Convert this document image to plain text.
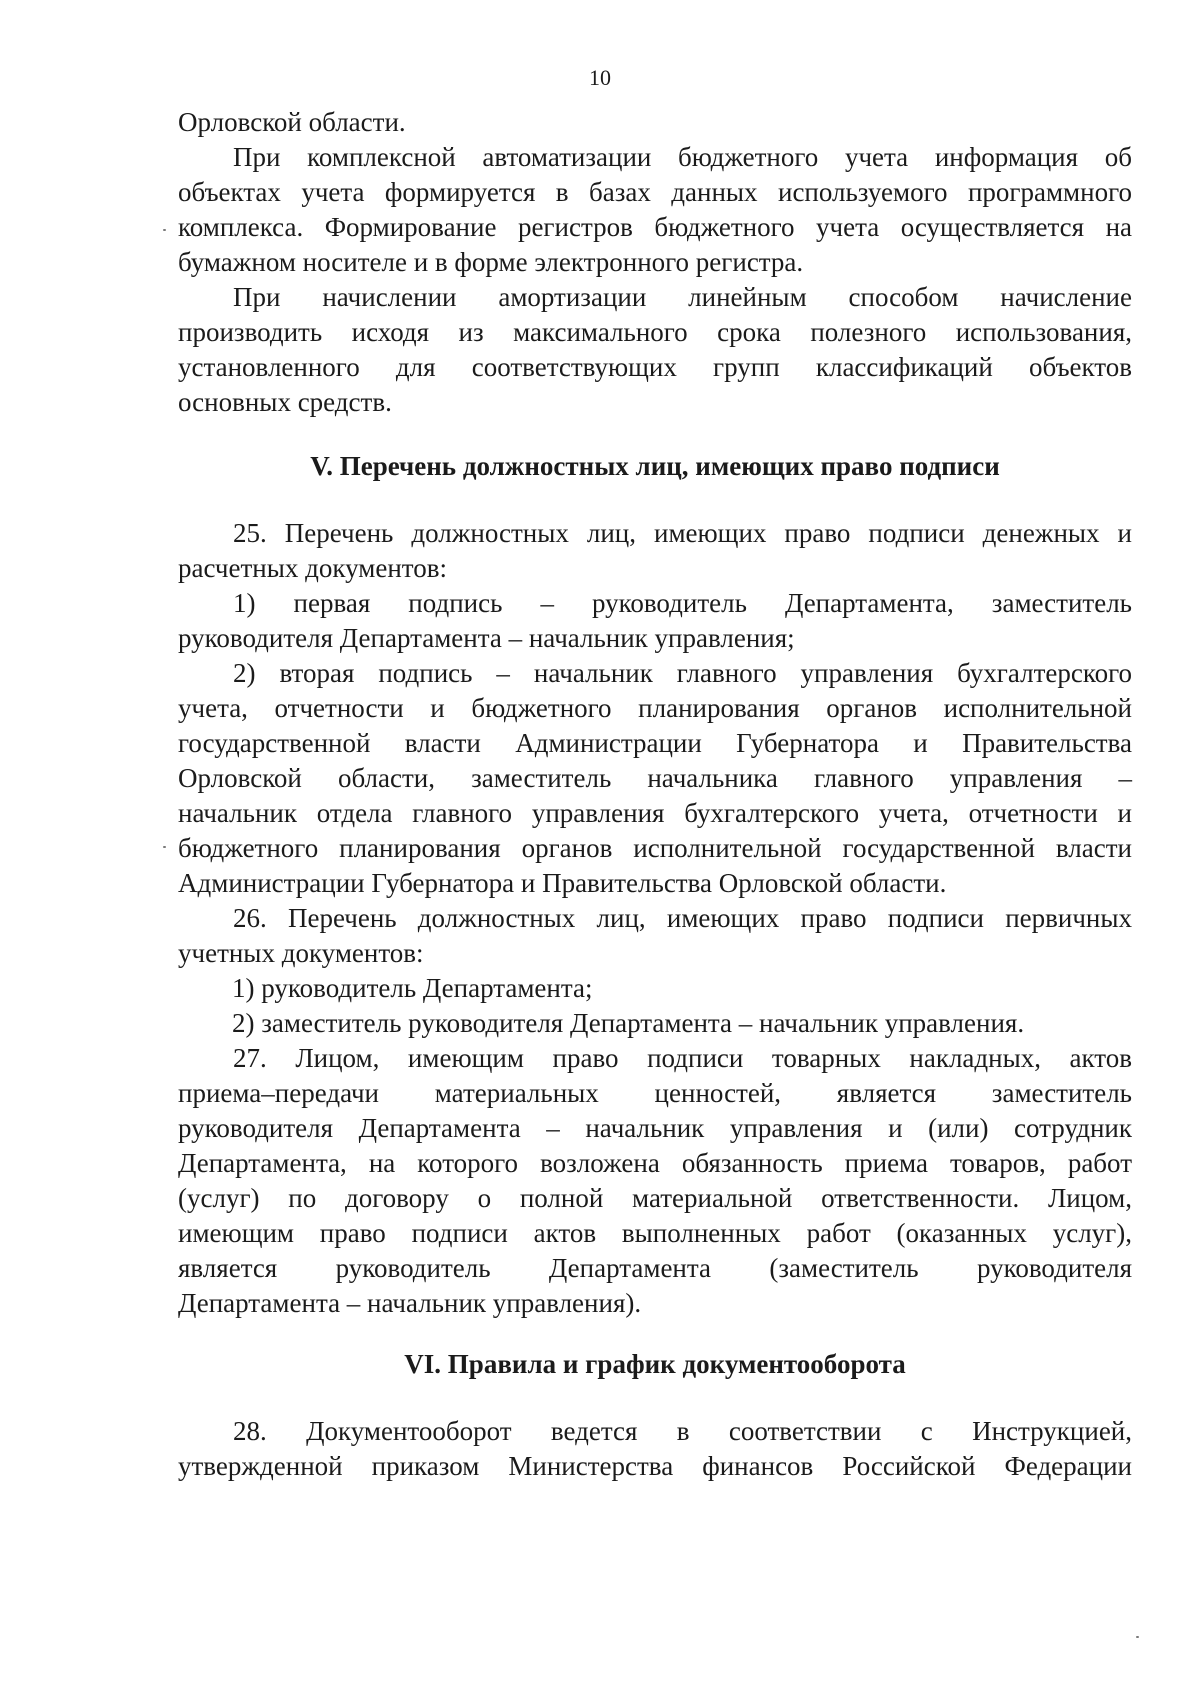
10
Орловской области.
При комплексной автоматизации бюджетного учета информация об
объектах учета формируется в базах данных используемого программного
комплекса. Формирование регистров бюджетного учета осуществляется на
бумажном носителе и в форме электронного регистра.
При начислении амортизации линейным способом начисление
производить исходя из максимального срока полезного использования,
установленного для соответствующих групп классификаций объектов
основных средств.
V. Перечень должностных лиц, имеющих право подписи
25. Перечень должностных лиц, имеющих право подписи денежных и
расчетных документов:
1) первая подпись – руководитель Департамента, заместитель
руководителя Департамента – начальник управления;
2) вторая подпись – начальник главного управления бухгалтерского
учета, отчетности и бюджетного планирования органов исполнительной
государственной власти Администрации Губернатора и Правительства
Орловской области, заместитель начальника главного управления –
начальник отдела главного управления бухгалтерского учета, отчетности и
бюджетного планирования органов исполнительной государственной власти
Администрации Губернатора и Правительства Орловской области.
26. Перечень должностных лиц, имеющих право подписи первичных
учетных документов:
1) руководитель Департамента;
2) заместитель руководителя Департамента – начальник управления.
27. Лицом, имеющим право подписи товарных накладных, актов
приема–передачи материальных ценностей, является заместитель
руководителя Департамента – начальник управления и (или) сотрудник
Департамента, на которого возложена обязанность приема товаров, работ
(услуг) по договору о полной материальной ответственности. Лицом,
имеющим право подписи актов выполненных работ (оказанных услуг),
является руководитель Департамента (заместитель руководителя
Департамента – начальник управления).
VI. Правила и график документооборота
28. Документооборот ведется в соответствии с Инструкцией,
утвержденной приказом Министерства финансов Российской Федерации
